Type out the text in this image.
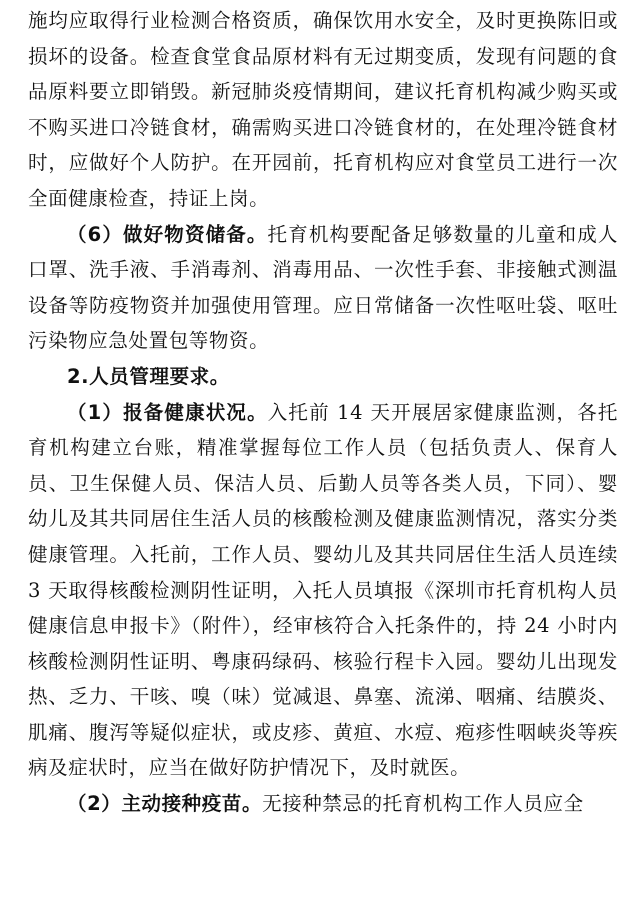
施均应取得行业检测合格资质，确保饮用水安全，及时更换陈旧或损坏的设备。检查食堂食品原材料有无过期变质，发现有问题的食品原料要立即销毁。新冠肺炎疫情期间，建议托育机构减少购买或不购买进口冷链食材，确需购买进口冷链食材的，在处理冷链食材时，应做好个人防护。在开园前，托育机构应对食堂员工进行一次全面健康检查，持证上岗。

（6）做好物资储备。托育机构要配备足够数量的儿童和成人口罩、洗手液、手消毒剂、消毒用品、一次性手套、非接触式测温设备等防疫物资并加强使用管理。应日常储备一次性呕吐袋、呕吐污染物应急处置包等物资。

2.人员管理要求。

（1）报备健康状况。入托前 14 天开展居家健康监测，各托育机构建立台账，精准掌握每位工作人员（包括负责人、保育人员、卫生保健人员、保洁人员、后勤人员等各类人员，下同）、婴幼儿及其共同居住生活人员的核酸检测及健康监测情况，落实分类健康管理。入托前，工作人员、婴幼儿及其共同居住生活人员连续 3 天取得核酸检测阴性证明，入托人员填报《深圳市托育机构人员健康信息申报卡》（附件），经审核符合入托条件的，持 24 小时内核酸检测阴性证明、粤康码绿码、核验行程卡入园。婴幼儿出现发热、乏力、干咳、嗅（味）觉减退、鼻塞、流涕、咽痛、结膜炎、肌痛、腹泻等疑似症状，或皮疹、黄疸、水痘、疱疹性咽峡炎等疾病及症状时，应当在做好防护情况下，及时就医。

（2）主动接种疫苗。无接种禁忌的托育机构工作人员应全
